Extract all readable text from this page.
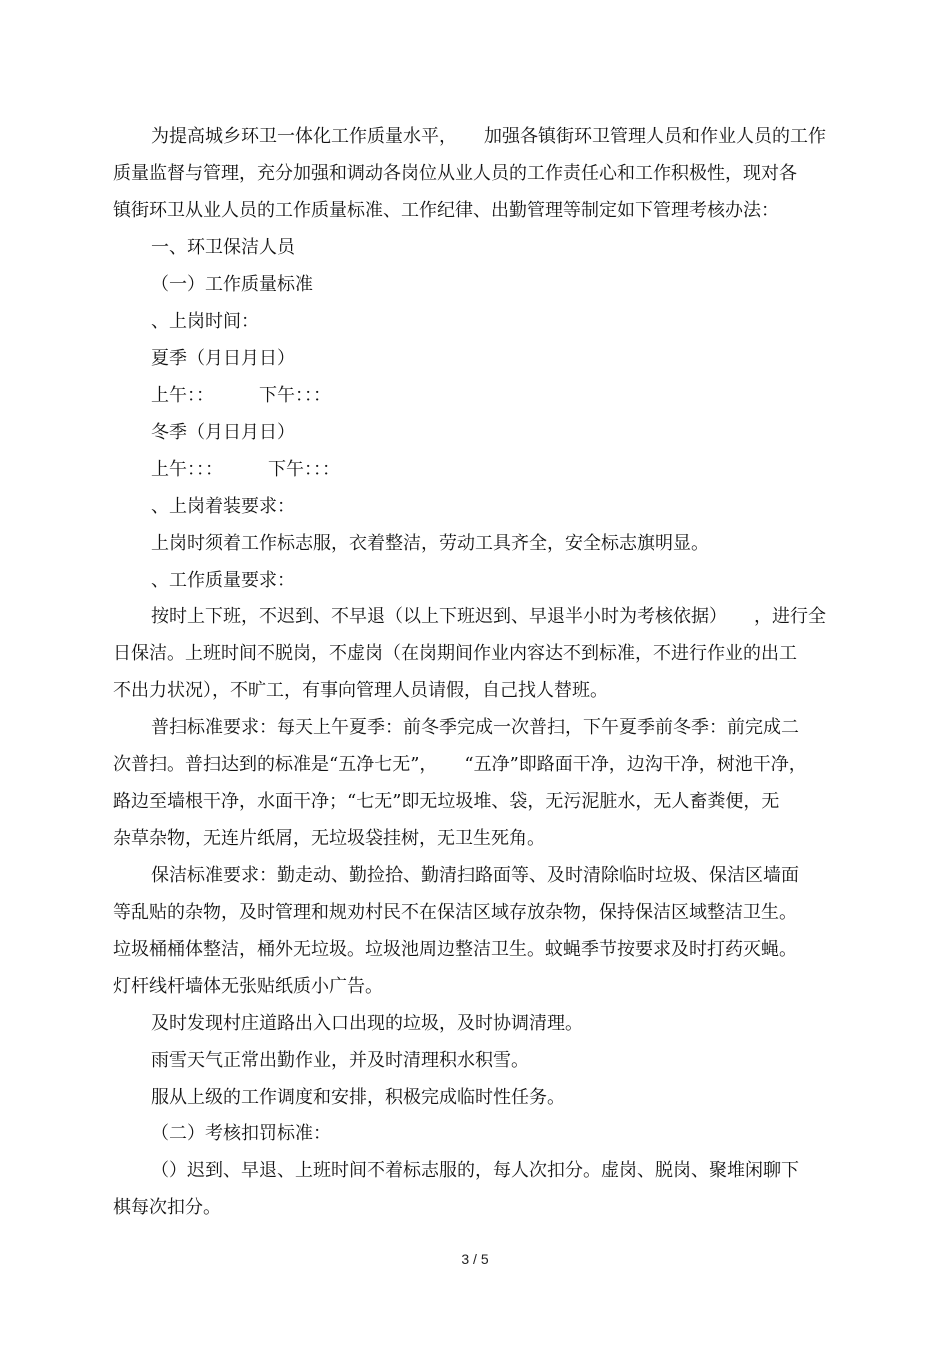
为提高城乡环卫一体化工作质量水平，　　加强各镇街环卫管理人员和作业人员的工作
质量监督与管理，充分加强和调动各岗位从业人员的工作责任心和工作积极性，现对各
镇街环卫从业人员的工作质量标准、工作纪律、出勤管理等制定如下管理考核办法：
一、环卫保洁人员
（一）工作质量标准
、上岗时间：
夏季（月日月日）
上午：：　　　下午：：：
冬季（月日月日）
上午：：：　　　下午：：：
、上岗着装要求：
上岗时须着工作标志服，衣着整洁，劳动工具齐全，安全标志旗明显。
、工作质量要求：
按时上下班，不迟到、不早退（以上下班迟到、早退半小时为考核依据）　　，进行全
日保洁。上班时间不脱岗，不虚岗（在岗期间作业内容达不到标准，不进行作业的出工
不出力状况），不旷工，有事向管理人员请假，自己找人替班。
普扫标准要求：每天上午夏季：前冬季完成一次普扫，下午夏季前冬季：前完成二
次普扫。普扫达到的标准是“五净七无”，　　“五净”即路面干净，边沟干净，树池干净，
路边至墙根干净，水面干净；“七无”即无垃圾堆、袋，无污泥脏水，无人畜粪便，无
杂草杂物，无连片纸屑，无垃圾袋挂树，无卫生死角。
保洁标准要求：勤走动、勤捡拾、勤清扫路面等、及时清除临时垃圾、保洁区墙面
等乱贴的杂物，及时管理和规劝村民不在保洁区域存放杂物，保持保洁区域整洁卫生。
垃圾桶桶体整洁，桶外无垃圾。垃圾池周边整洁卫生。蚊蝇季节按要求及时打药灭蝇。
灯杆线杆墙体无张贴纸质小广告。
及时发现村庄道路出入口出现的垃圾，及时协调清理。
雨雪天气正常出勤作业，并及时清理积水积雪。
服从上级的工作调度和安排，积极完成临时性任务。
（二）考核扣罚标准：
（）迟到、早退、上班时间不着标志服的，每人次扣分。虚岗、脱岗、聚堆闲聊下
棋每次扣分。
3 / 5
